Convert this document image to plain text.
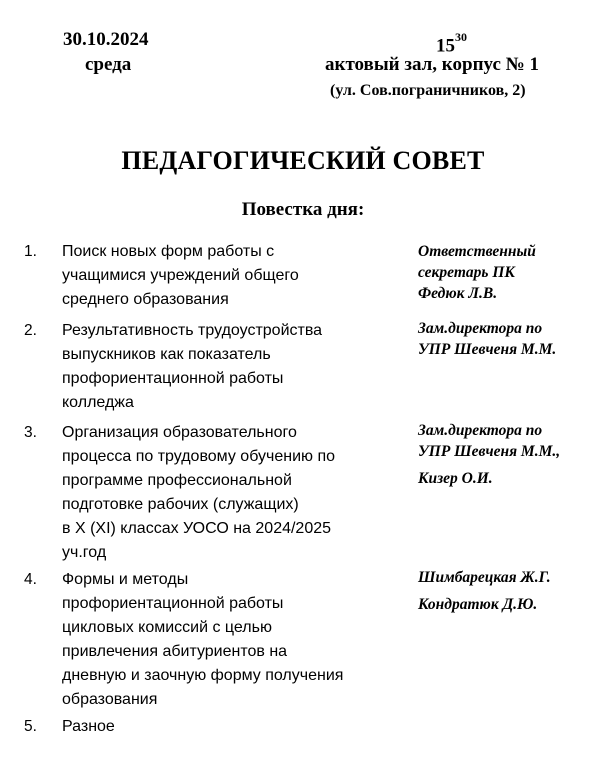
30.10.2024
среда
$15^{30}$
актовый зал, корпус № 1
(ул. Сов.пограничников, 2)
ПЕДАГОГИЧЕСКИЙ СОВЕТ
Повестка дня:
1. Поиск новых форм работы с
учащимися учреждений общего
среднего образования
Ответственный
секретарь ПК
Федюк Л.В.
2. Результативность трудоустройства
выпускников как показатель
профориентационной работы
колледжа
Зам.директора по
УПР Шевченя М.М.
3. Организация образовательного
процесса по трудовому обучению по
программе профессиональной
подготовке рабочих (служащих)
в X (XI) классах УОСО на 2024/2025
уч.год
Зам.директора по
УПР Шевченя М.М.,
Кизер О.И.
4. Формы и методы
профориентационной работы
цикловых комиссий с целью
привлечения абитуриентов на
дневную и заочную форму получения
образования
Шимбарецкая Ж.Г.
Кондратюк Д.Ю.
5. Разное
